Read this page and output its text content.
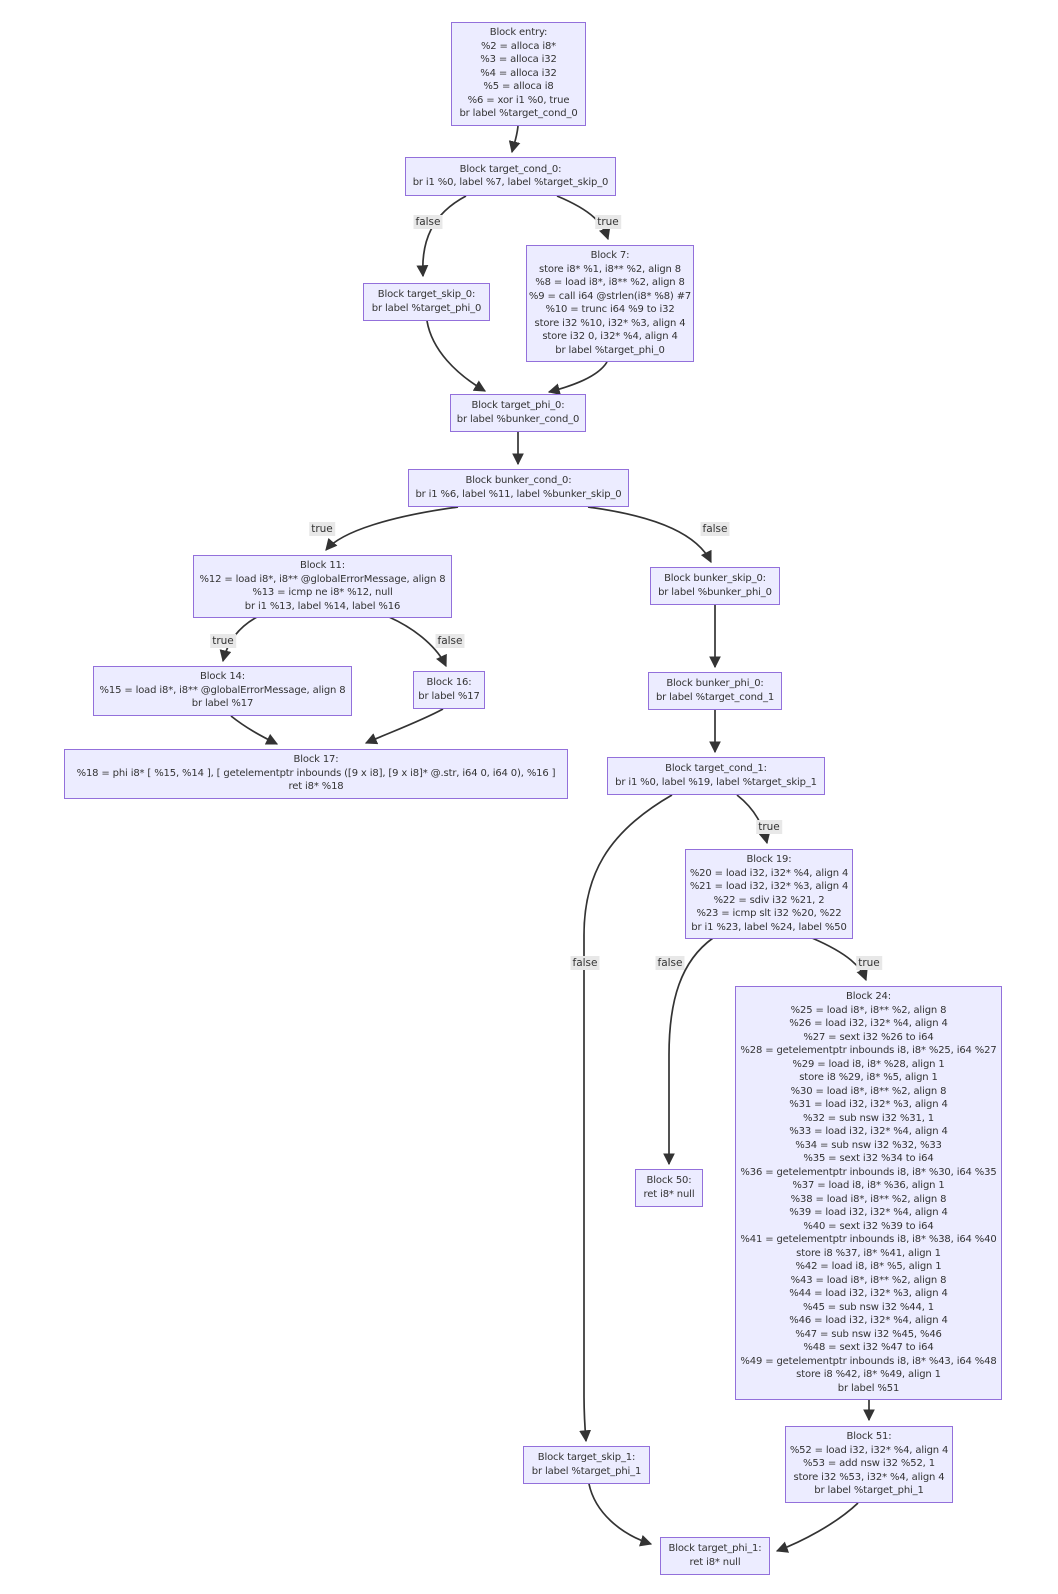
Block entry:
%2 = alloca i8*
%3 = alloca i32
%4 = alloca i32
%5 = alloca i8
%6 = xor i1 %0, true
br label %target_cond_0
Block target_cond_0:
br i1 %0, label %7, label %target_skip_0
Block target_skip_0:
br label %target_phi_0
Block 7:
store i8* %1, i8** %2, align 8
%8 = load i8*, i8** %2, align 8
%9 = call i64 @strlen(i8* %8) #7
%10 = trunc i64 %9 to i32
store i32 %10, i32* %3, align 4
store i32 0, i32* %4, align 4
br label %target_phi_0
Block target_phi_0:
br label %bunker_cond_0
Block bunker_cond_0:
br i1 %6, label %11, label %bunker_skip_0
Block 11:
%12 = load i8*, i8** @globalErrorMessage, align 8
%13 = icmp ne i8* %12, null
br i1 %13, label %14, label %16
Block 14:
%15 = load i8*, i8** @globalErrorMessage, align 8
br label %17
Block 16:
br label %17
Block 17:
%18 = phi i8* [ %15, %14 ], [ getelementptr inbounds ([9 x i8], [9 x i8]* @.str, i64 0, i64 0), %16 ]
ret i8* %18
Block bunker_skip_0:
br label %bunker_phi_0
Block bunker_phi_0:
br label %target_cond_1
Block target_cond_1:
br i1 %0, label %19, label %target_skip_1
Block 19:
%20 = load i32, i32* %4, align 4
%21 = load i32, i32* %3, align 4
%22 = sdiv i32 %21, 2
%23 = icmp slt i32 %20, %22
br i1 %23, label %24, label %50
Block 24:
%25 = load i8*, i8** %2, align 8
%26 = load i32, i32* %4, align 4
%27 = sext i32 %26 to i64
%28 = getelementptr inbounds i8, i8* %25, i64 %27
%29 = load i8, i8* %28, align 1
store i8 %29, i8* %5, align 1
%30 = load i8*, i8** %2, align 8
%31 = load i32, i32* %3, align 4
%32 = sub nsw i32 %31, 1
%33 = load i32, i32* %4, align 4
%34 = sub nsw i32 %32, %33
%35 = sext i32 %34 to i64
%36 = getelementptr inbounds i8, i8* %30, i64 %35
%37 = load i8, i8* %36, align 1
%38 = load i8*, i8** %2, align 8
%39 = load i32, i32* %4, align 4
%40 = sext i32 %39 to i64
%41 = getelementptr inbounds i8, i8* %38, i64 %40
store i8 %37, i8* %41, align 1
%42 = load i8, i8* %5, align 1
%43 = load i8*, i8** %2, align 8
%44 = load i32, i32* %3, align 4
%45 = sub nsw i32 %44, 1
%46 = load i32, i32* %4, align 4
%47 = sub nsw i32 %45, %46
%48 = sext i32 %47 to i64
%49 = getelementptr inbounds i8, i8* %43, i64 %48
store i8 %42, i8* %49, align 1
br label %51
Block 50:
ret i8* null
Block 51:
%52 = load i32, i32* %4, align 4
%53 = add nsw i32 %52, 1
store i32 %53, i32* %4, align 4
br label %target_phi_1
Block target_skip_1:
br label %target_phi_1
Block target_phi_1:
ret i8* null
false	true
true	false
true	false
true
false	false	true
